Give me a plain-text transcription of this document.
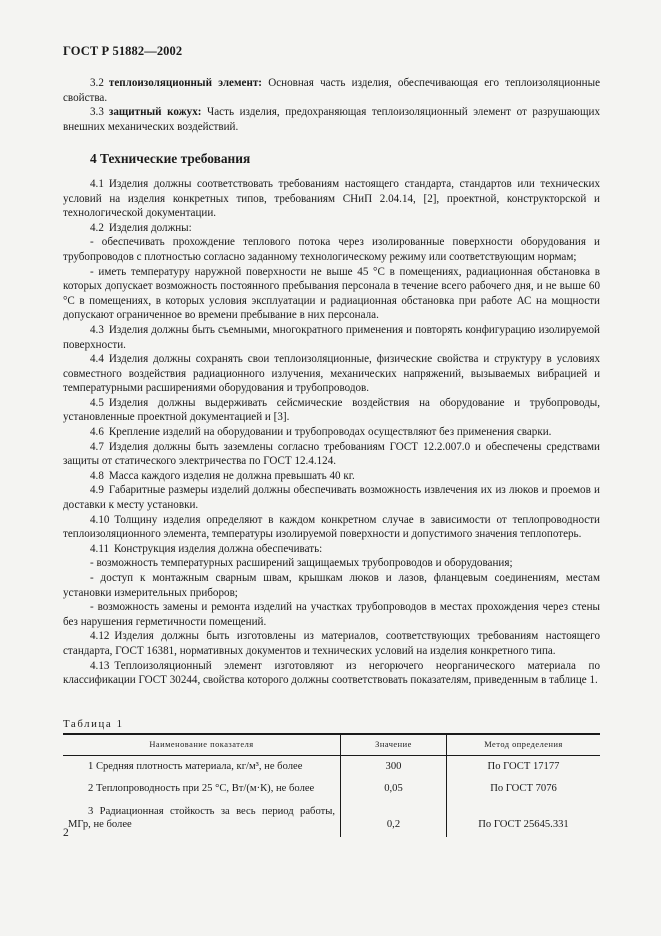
ГОСТ Р 51882—2002

3.2 теплоизоляционный элемент: Основная часть изделия, обеспечивающая его теплоизоляционные свойства.

3.3 защитный кожух: Часть изделия, предохраняющая теплоизоляционный элемент от разрушающих внешних механических воздействий.

4 Технические требования

4.1 Изделия должны соответствовать требованиям настоящего стандарта, стандартов или технических условий на изделия конкретных типов, требованиям СНиП 2.04.14, [2], проектной, конструкторской и технологической документации.

4.2 Изделия должны:

- обеспечивать прохождение теплового потока через изолированные поверхности оборудования и трубопроводов с плотностью согласно заданному технологическому режиму или соответствующим нормам;

- иметь температуру наружной поверхности не выше 45 °С в помещениях, радиационная обстановка в которых допускает возможность постоянного пребывания персонала в течение всего рабочего дня, и не выше 60 °С в помещениях, в которых условия эксплуатации и радиационная обстановка при работе АС на мощности допускают ограниченное во времени пребывание в них персонала.

4.3 Изделия должны быть съемными, многократного применения и повторять конфигурацию изолируемой поверхности.

4.4 Изделия должны сохранять свои теплоизоляционные, физические свойства и структуру в условиях совместного воздействия радиационного излучения, механических напряжений, вызываемых вибрацией и температурными расширениями оборудования и трубопроводов.

4.5 Изделия должны выдерживать сейсмические воздействия на оборудование и трубопроводы, установленные проектной документацией и [3].

4.6 Крепление изделий на оборудовании и трубопроводах осуществляют без применения сварки.

4.7 Изделия должны быть заземлены согласно требованиям ГОСТ 12.2.007.0 и обеспечены средствами защиты от статического электричества по ГОСТ 12.4.124.

4.8 Масса каждого изделия не должна превышать 40 кг.

4.9 Габаритные размеры изделий должны обеспечивать возможность извлечения их из люков и проемов и доставки к месту установки.

4.10 Толщину изделия определяют в каждом конкретном случае в зависимости от теплопроводности теплоизоляционного элемента, температуры изолируемой поверхности и допустимого значения теплопотерь.

4.11 Конструкция изделия должна обеспечивать:

- возможность температурных расширений защищаемых трубопроводов и оборудования;

- доступ к монтажным сварным швам, крышкам люков и лазов, фланцевым соединениям, местам установки измерительных приборов;

- возможность замены и ремонта изделий на участках трубопроводов в местах прохождения через стены без нарушения герметичности помещений.

4.12 Изделия должны быть изготовлены из материалов, соответствующих требованиям настоящего стандарта, ГОСТ 16381, нормативных документов и технических условий на изделия конкретного типа.

4.13 Теплоизоляционный элемент изготовляют из негорючего неорганического материала по классификации ГОСТ 30244, свойства которого должны соответствовать показателям, приведенным в таблице 1.

Таблица 1
Наименование показателя	Значение	Метод определения
1 Средняя плотность материала, кг/м³, не более	300	По ГОСТ 17177
2 Теплопроводность при 25 °С, Вт/(м·К), не более	0,05	По ГОСТ 7076
3 Радиационная стойкость за весь период работы, МГр, не более	0,2	По ГОСТ 25645.331
2
